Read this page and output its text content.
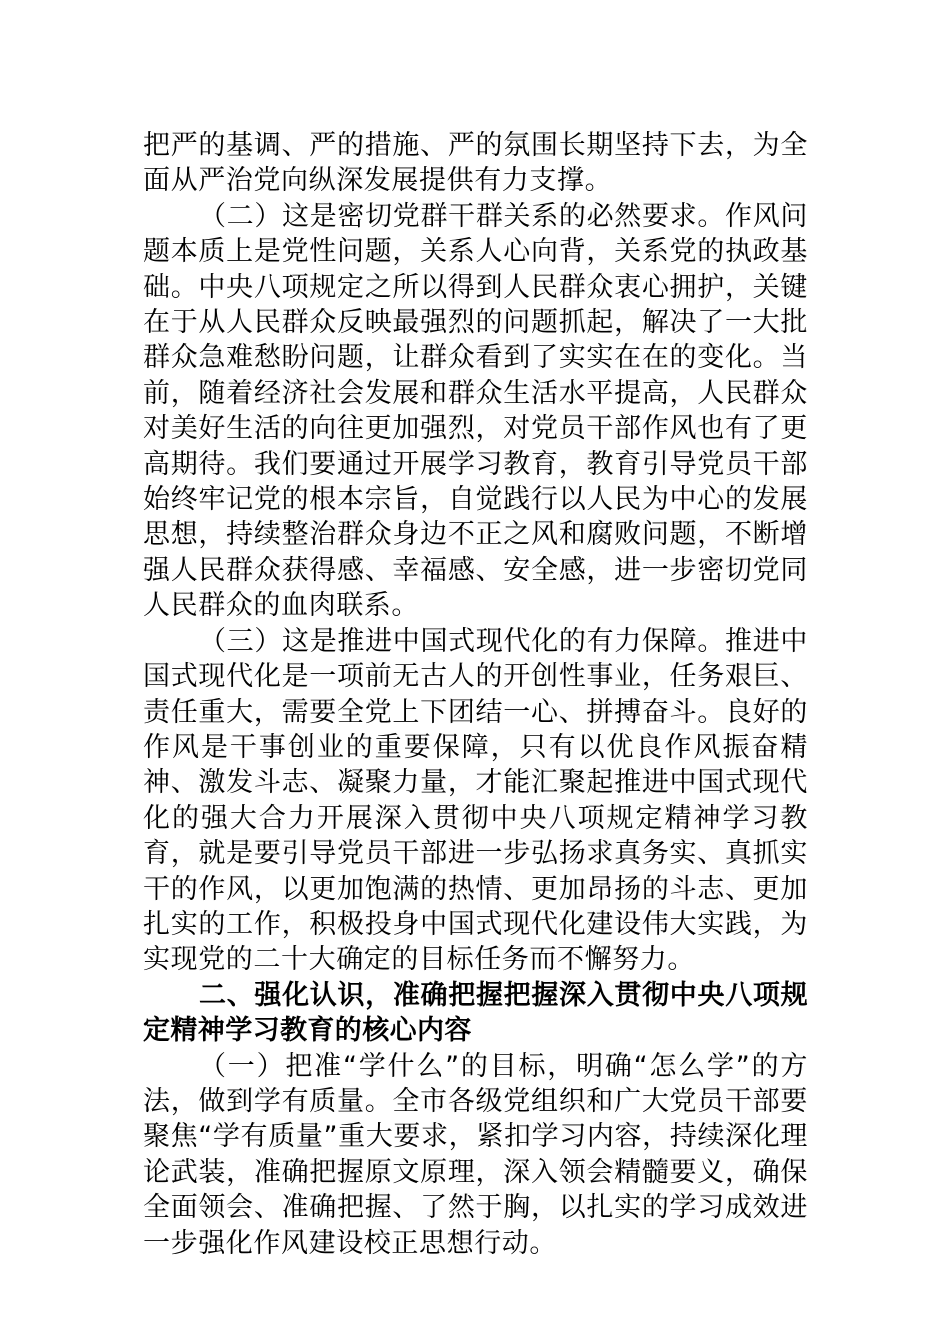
把严的基调、严的措施、严的氛围长期坚持下去，为全面从严治党向纵深发展提供有力支撑。

（二）这是密切党群干群关系的必然要求。作风问题本质上是党性问题，关系人心向背，关系党的执政基础。中央八项规定之所以得到人民群众衷心拥护，关键在于从人民群众反映最强烈的问题抓起，解决了一大批群众急难愁盼问题，让群众看到了实实在在的变化。当前，随着经济社会发展和群众生活水平提高，人民群众对美好生活的向往更加强烈，对党员干部作风也有了更高期待。我们要通过开展学习教育，教育引导党员干部始终牢记党的根本宗旨，自觉践行以人民为中心的发展思想，持续整治群众身边不正之风和腐败问题，不断增强人民群众获得感、幸福感、安全感，进一步密切党同人民群众的血肉联系。

（三）这是推进中国式现代化的有力保障。推进中国式现代化是一项前无古人的开创性事业，任务艰巨、责任重大，需要全党上下团结一心、拼搏奋斗。良好的作风是干事创业的重要保障，只有以优良作风振奋精神、激发斗志、凝聚力量，才能汇聚起推进中国式现代化的强大合力开展深入贯彻中央八项规定精神学习教育，就是要引导党员干部进一步弘扬求真务实、真抓实干的作风，以更加饱满的热情、更加昂扬的斗志、更加扎实的工作，积极投身中国式现代化建设伟大实践，为实现党的二十大确定的目标任务而不懈努力。

二、强化认识，准确把握把握深入贯彻中央八项规定精神学习教育的核心内容

（一）把准“学什么”的目标，明确“怎么学”的方法，做到学有质量。全市各级党组织和广大党员干部要聚焦“学有质量”重大要求，紧扣学习内容，持续深化理论武装，准确把握原文原理，深入领会精髓要义，确保全面领会、准确把握、了然于胸，以扎实的学习成效进一步强化作风建设校正思想行动。
